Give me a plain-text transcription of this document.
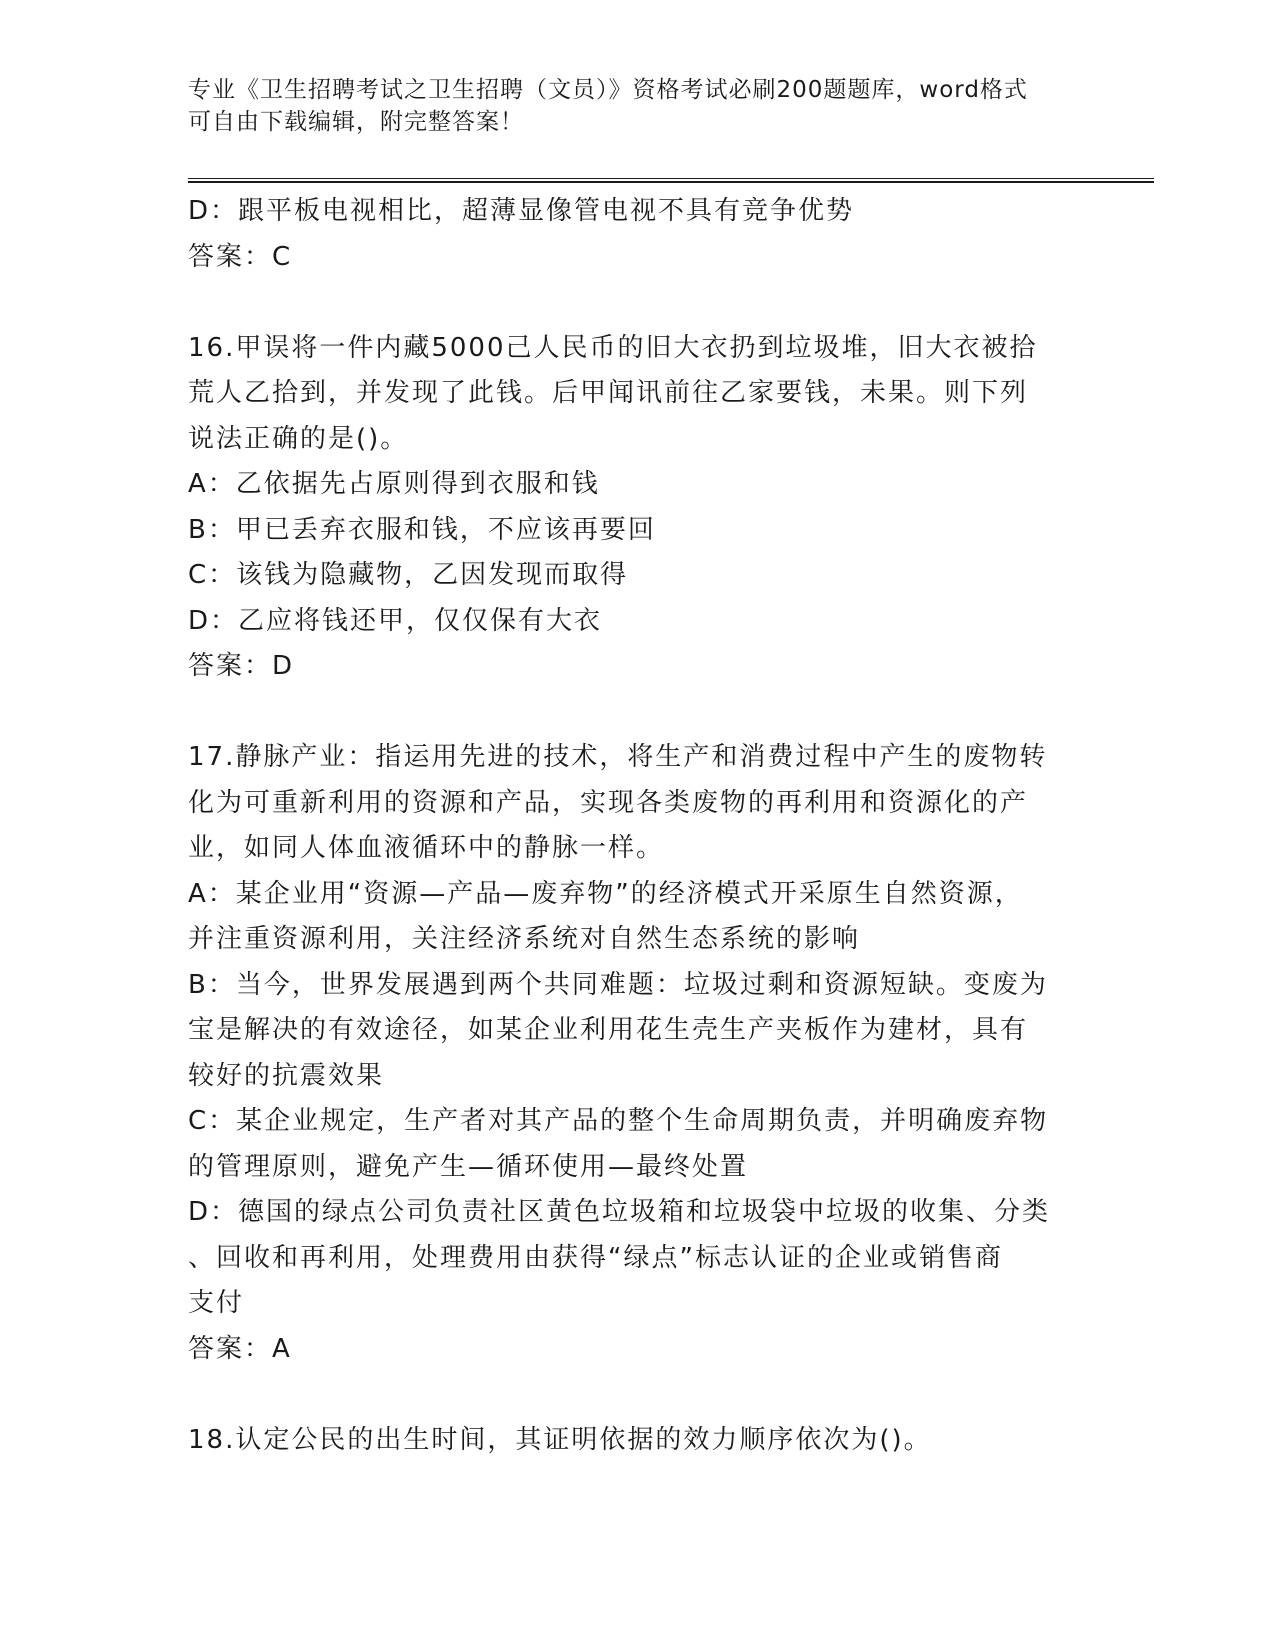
专业《卫生招聘考试之卫生招聘（文员）》资格考试必刷200题题库，word格式
可自由下载编辑，附完整答案！
D：跟平板电视相比，超薄显像管电视不具有竞争优势
答案：C
16.甲误将一件内藏5000己人民币的旧大衣扔到垃圾堆，旧大衣被拾
荒人乙拾到，并发现了此钱。后甲闻讯前往乙家要钱，未果。则下列
说法正确的是()。
A：乙依据先占原则得到衣服和钱
B：甲已丢弃衣服和钱，不应该再要回
C：该钱为隐藏物，乙因发现而取得
D：乙应将钱还甲，仅仅保有大衣
答案：D
17.静脉产业：指运用先进的技术，将生产和消费过程中产生的废物转
化为可重新利用的资源和产品，实现各类废物的再利用和资源化的产
业，如同人体血液循环中的静脉一样。
A：某企业用“资源—产品—废弃物”的经济模式开采原生自然资源，
并注重资源利用，关注经济系统对自然生态系统的影响
B：当今，世界发展遇到两个共同难题：垃圾过剩和资源短缺。变废为
宝是解决的有效途径，如某企业利用花生壳生产夹板作为建材，具有
较好的抗震效果
C：某企业规定，生产者对其产品的整个生命周期负责，并明确废弃物
的管理原则，避免产生—循环使用—最终处置
D：德国的绿点公司负责社区黄色垃圾箱和垃圾袋中垃圾的收集、分类
、回收和再利用，处理费用由获得“绿点”标志认证的企业或销售商
支付
答案：A
18.认定公民的出生时间，其证明依据的效力顺序依次为()。
